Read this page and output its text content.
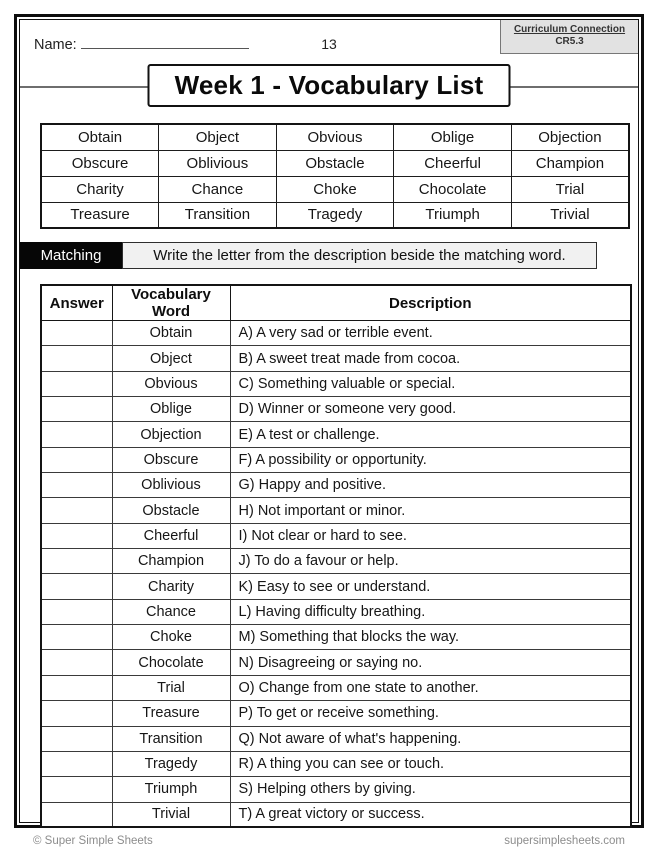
Name:	13
Curriculum Connection
CR5.3
Week 1 - Vocabulary List
Obtain	Object	Obvious	Oblige	Objection
Obscure	Oblivious	Obstacle	Cheerful	Champion
Charity	Chance	Choke	Chocolate	Trial
Treasure	Transition	Tragedy	Triumph	Trivial
Matching	Write the letter from the description beside the matching word.
Answer	Vocabulary Word	Description
	Obtain	A) A very sad or terrible event.
	Object	B) A sweet treat made from cocoa.
	Obvious	C) Something valuable or special.
	Oblige	D) Winner or someone very good.
	Objection	E) A test or challenge.
	Obscure	F) A possibility or opportunity.
	Oblivious	G) Happy and positive.
	Obstacle	H) Not important or minor.
	Cheerful	I) Not clear or hard to see.
	Champion	J) To do a favour or help.
	Charity	K) Easy to see or understand.
	Chance	L) Having difficulty breathing.
	Choke	M) Something that blocks the way.
	Chocolate	N) Disagreeing or saying no.
	Trial	O) Change from one state to another.
	Treasure	P) To get or receive something.
	Transition	Q) Not aware of what's happening.
	Tragedy	R) A thing you can see or touch.
	Triumph	S) Helping others by giving.
	Trivial	T) A great victory or success.
© Super Simple Sheets	supersimplesheets.com
